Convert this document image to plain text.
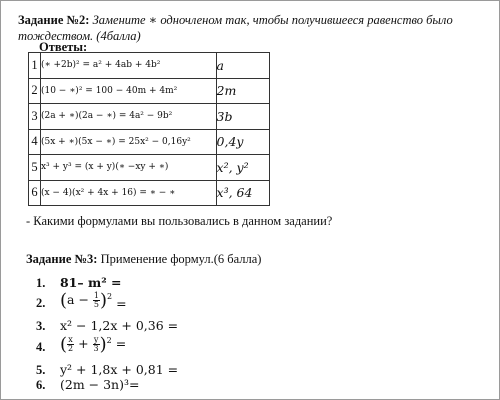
Задание №2: Замените ∗ одночленом так, чтобы получившееся равенство было
тождеством. (4балла)
Ответы:
1	(∗ +2b)² = a² + 4ab + 4b²	a
2	(10 − ∗)² = 100 − 40m + 4m²	2m
3	(2a + ∗)(2a − ∗) = 4a² − 9b²	3b
4	(5x + ∗)(5x − ∗) = 25x² − 0,16y²	0,4y
5	x³ + y³ = (x + y)(∗ −xy + ∗)	x², y²
6	(x − 4)(x² + 4x + 16) = ∗ − ∗	x³, 64
- Какими формулами вы пользовались в данном задании?
Задание №3: Применение формул.(6 балла)
1. 81– m² =
2. $(a - \frac{1}{5} )^2$ =
3. x² − 1,2x + 0,36 =
4. ( $\frac{x}{2} + \frac{y}{3} )^2$ =
5. y² + 1,8x + 0,81 =
6. (2m − 3n)³=
